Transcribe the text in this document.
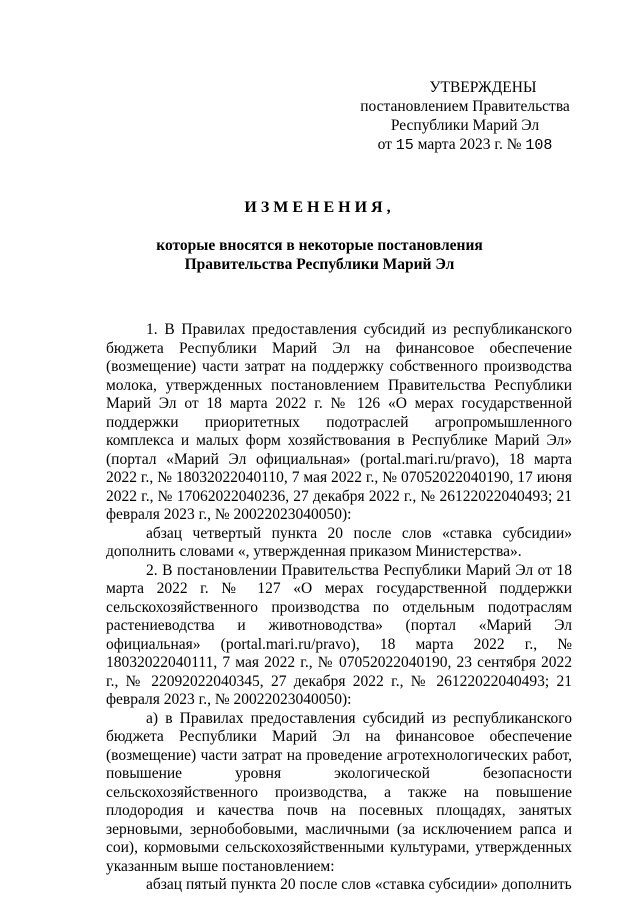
УТВЕРЖДЕНЫ
постановлением Правительства
Республики Марий Эл
от 15 марта 2023 г. № 108
ИЗМЕНЕНИЯ,
которые вносятся в некоторые постановления
Правительства Республики Марий Эл

1. В Правилах предоставления субсидий из республиканского бюджета Республики Марий Эл на финансовое обеспечение (возмещение) части затрат на поддержку собственного производства молока, утвержденных постановлением Правительства Республики Марий Эл от 18 марта 2022 г. № 126 «О мерах государственной поддержки приоритетных подотраслей агропромышленного комплекса и малых форм хозяйствования в Республике Марий Эл» (портал «Марий Эл официальная» (portal.mari.ru/pravo), 18 марта 2022 г., № 18032022040110, 7 мая 2022 г., № 07052022040190, 17 июня 2022 г., № 17062022040236, 27 декабря 2022 г., № 26122022040493; 21 февраля 2023 г., № 20022023040050):

абзац четвертый пункта 20 после слов «ставка субсидии» дополнить словами «, утвержденная приказом Министерства».

2. В постановлении Правительства Республики Марий Эл от 18 марта 2022 г. № 127 «О мерах государственной поддержки сельскохозяйственного производства по отдельным подотраслям растениеводства и животноводства» (портал «Марий Эл официальная» (portal.mari.ru/pravo), 18 марта 2022 г., № 18032022040111, 7 мая 2022 г., № 07052022040190, 23 сентября 2022 г., № 22092022040345, 27 декабря 2022 г., № 26122022040493; 21 февраля 2023 г., № 20022023040050):

а) в Правилах предоставления субсидий из республиканского бюджета Республики Марий Эл на финансовое обеспечение (возмещение) части затрат на проведение агротехнологических работ, повышение уровня экологической безопасности сельскохозяйственного производства, а также на повышение плодородия и качества почв на посевных площадях, занятых зерновыми, зернобобовыми, масличными (за исключением рапса и сои), кормовыми сельскохозяйственными культурами, утвержденных указанным выше постановлением:

абзац пятый пункта 20 после слов «ставка субсидии» дополнить
